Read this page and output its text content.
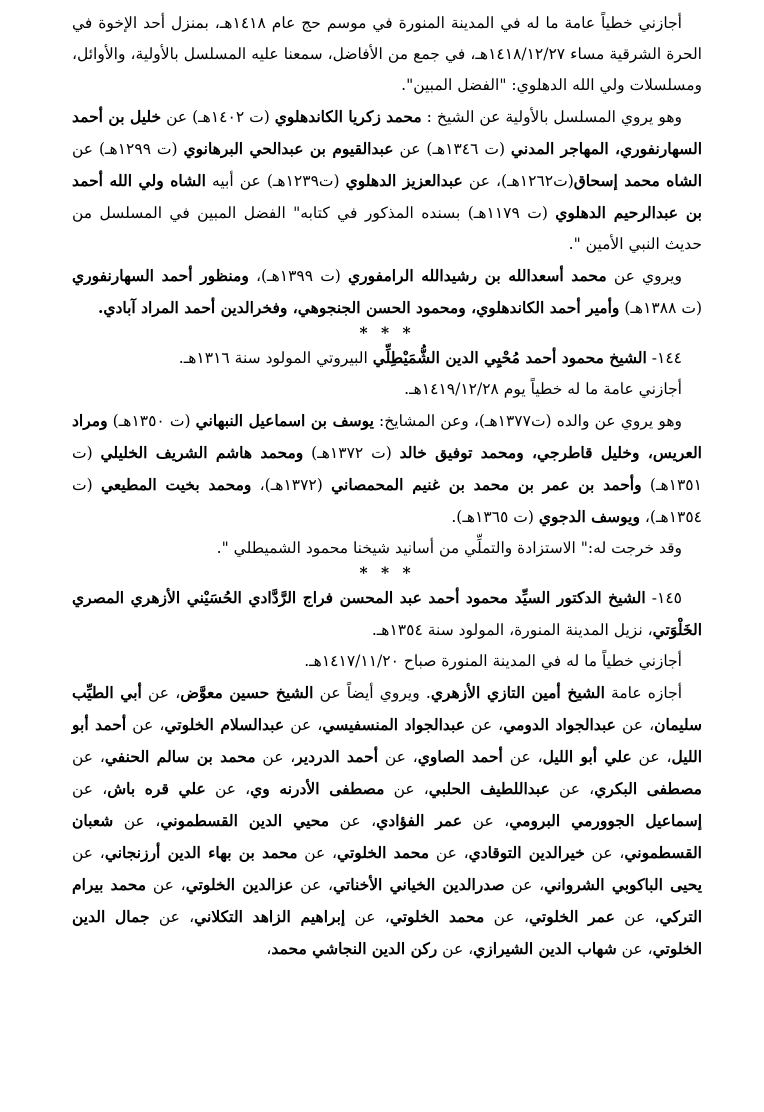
أجازني خطياً عامة ما له في المدينة المنورة في موسم حج عام ١٤١٨هـ، بمنزل أحد الإخوة في الحرة الشرقية مساء ١٤١٨/١٢/٢٧هـ، في جمع من الأفاضل، سمعنا عليه المسلسل بالأولية، والأوائل، ومسلسلات ولي الله الدهلوي: "الفضل المبين".

وهو يروي المسلسل بالأولية عن الشيخ : محمد زكريا الكاندهلوي (ت ١٤٠٢هـ) عن خليل بن أحمد السهارنفوري، المهاجر المدني (ت ١٣٤٦هـ) عن عبدالقيوم بن عبدالحي البرهانوي (ت ١٢٩٩هـ) عن الشاه محمد إسحاق(ت١٢٦٢هـ)، عن عبدالعزيز الدهلوي (ت١٢٣٩هـ) عن أبيه الشاه ولي الله أحمد بن عبدالرحيم الدهلوي (ت ١١٧٩هـ) بسنده المذكور في كتابه" الفضل المبين في المسلسل من حديث النبي الأمين ".

ويروي عن محمد أسعدالله بن رشيدالله الرامفوري (ت ١٣٩٩هـ)، ومنظور أحمد السهارنفوري (ت ١٣٨٨هـ) وأمير أحمد الكاندهلوي، ومحمود الحسن الجنجوهي، وفخرالدين أحمد المراد آبادي.

* * *

١٤٤- الشيخ محمود أحمد مُحْيِي الدين الشُّمَيْطِلِّي البيروتي المولود سنة ١٣١٦هـ.

أجازني عامة ما له خطياً يوم ١٤١٩/١٢/٢٨هـ.

وهو يروي عن والده (ت١٣٧٧هـ)، وعن المشايخ: يوسف بن اسماعيل النبهاني (ت ١٣٥٠هـ) ومراد العريس، وخليل قاطرجي، ومحمد توفيق خالد (ت ١٣٧٢هـ) ومحمد هاشم الشريف الخليلي (ت ١٣٥١هـ) وأحمد بن عمر بن محمد بن غنيم المحمصاني (١٣٧٢هـ)، ومحمد بخيت المطيعي (ت ١٣٥٤هـ)، ويوسف الدجوي (ت ١٣٦٥هـ).

وقد خرجت له:" الاستزادة والتملِّي من أسانيد شيخنا محمود الشميطلي ".

* * *

١٤٥- الشيخ الدكتور السيِّد محمود أحمد عبد المحسن فراج الرَّدَّادي الحُسَيْني الأزهري المصري الخَلْوَتي، نزيل المدينة المنورة، المولود سنة ١٣٥٤هـ.

أجازني خطياً ما له في المدينة المنورة صباح ١٤١٧/١١/٢٠هـ.

أجازه عامة الشيخ أمين التازي الأزهري. ويروي أيضاً عن الشيخ حسين معوَّض، عن أبي الطيِّب سليمان، عن عبدالجواد الدومي، عن عبدالجواد المنسفيسي، عن عبدالسلام الخلوتي، عن أحمد أبو الليل، عن علي أبو الليل، عن أحمد الصاوي، عن أحمد الدردير، عن محمد بن سالم الحنفي، عن مصطفى البكري، عن عبداللطيف الحلبي، عن مصطفى الأدرنه وي، عن علي قره باش، عن إسماعيل الجوورمي البرومي، عن عمر الفؤادي، عن محيي الدين القسطموني، عن شعبان القسطموني، عن خيرالدين التوقادي، عن محمد الخلوتي، عن محمد بن بهاء الدين أرزنجاني، عن يحيى الباكوبي الشرواني، عن صدرالدين الخياني الأخناتي، عن عزالدين الخلوتي، عن محمد بيرام التركي، عن عمر الخلوتي، عن محمد الخلوتي، عن إبراهيم الزاهد التكلاني، عن جمال الدين الخلوتي، عن شهاب الدين الشيرازي، عن ركن الدين النجاشي محمد،
